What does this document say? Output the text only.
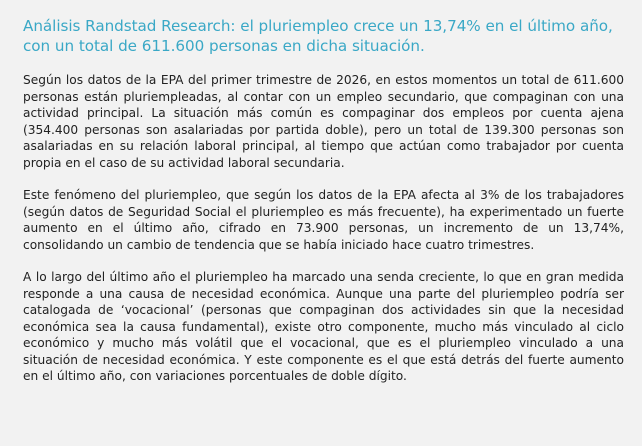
Análisis Randstad Research: el pluriempleo crece un 13,74% en el último año, con un total de 611.600 personas en dicha situación.

Según los datos de la EPA del primer trimestre de 2026, en estos momentos un total de 611.600 personas están pluriempleadas, al contar con un empleo secundario, que compaginan con una actividad principal. La situación más común es compaginar dos empleos por cuenta ajena (354.400 personas son asalariadas por partida doble), pero un total de 139.300 personas son asalariadas en su relación laboral principal, al tiempo que actúan como trabajador por cuenta propia en el caso de su actividad laboral secundaria.

Este fenómeno del pluriempleo, que según los datos de la EPA afecta al 3% de los trabajadores (según datos de Seguridad Social el pluriempleo es más frecuente), ha experimentado un fuerte aumento en el último año, cifrado en 73.900 personas, un incremento de un 13,74%, consolidando un cambio de tendencia que se había iniciado hace cuatro trimestres.

A lo largo del último año el pluriempleo ha marcado una senda creciente, lo que en gran medida responde a una causa de necesidad económica. Aunque una parte del pluriempleo podría ser catalogada de ‘vocacional’ (personas que compaginan dos actividades sin que la necesidad económica sea la causa fundamental), existe otro componente, mucho más vinculado al ciclo económico y mucho más volátil que el vocacional, que es el pluriempleo vinculado a una situación de necesidad económica. Y este componente es el que está detrás del fuerte aumento en el último año, con variaciones porcentuales de doble dígito.
